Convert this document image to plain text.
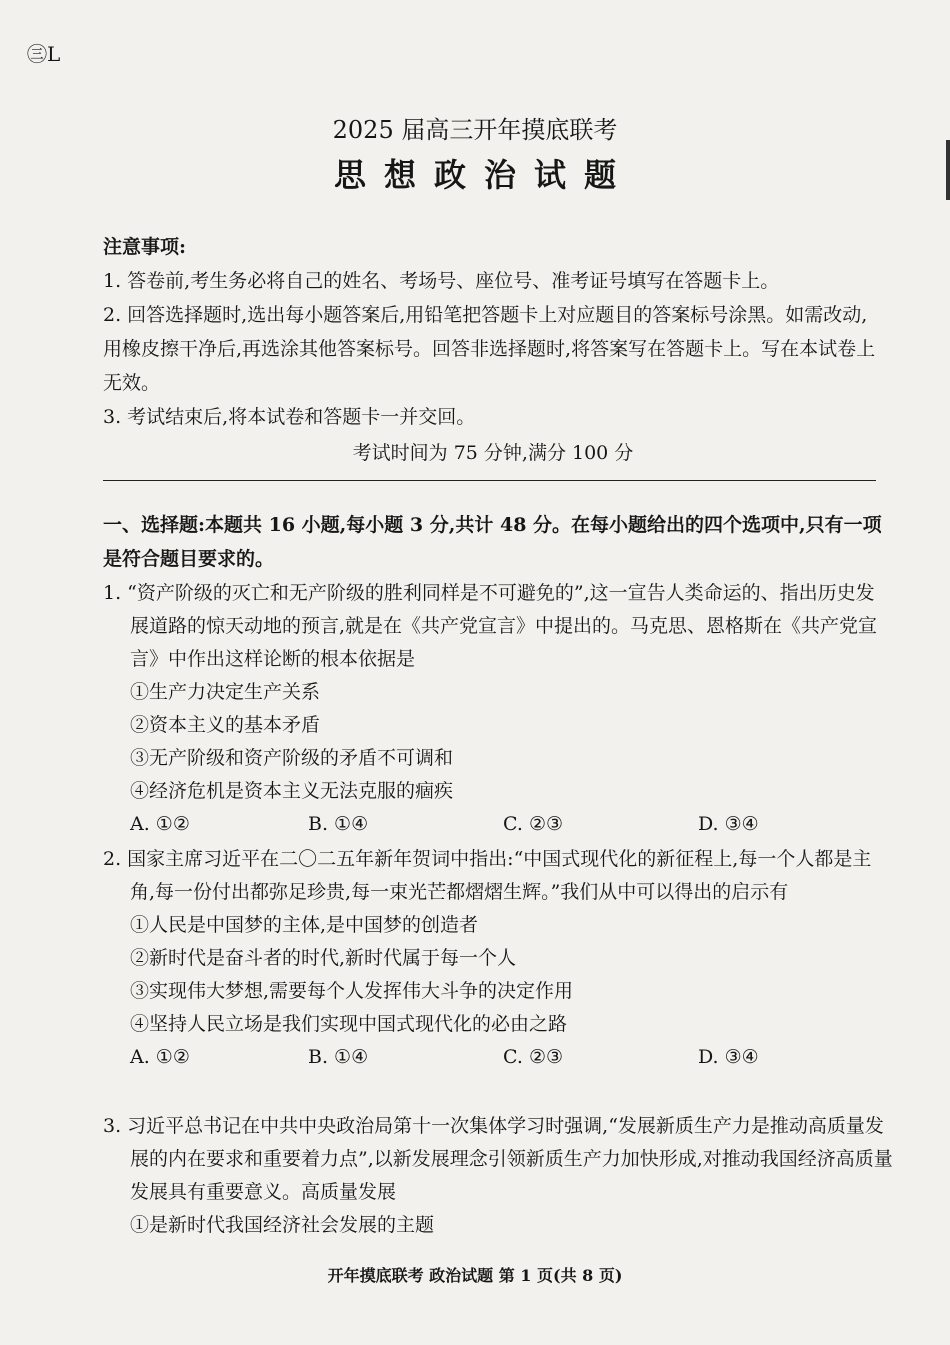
㊂L
2025 届高三开年摸底联考
思想政治试题

注意事项:

1. 答卷前,考生务必将自己的姓名、考场号、座位号、准考证号填写在答题卡上。

2. 回答选择题时,选出每小题答案后,用铅笔把答题卡上对应题目的答案标号涂黑。如需改动,用橡皮擦干净后,再选涂其他答案标号。回答非选择题时,将答案写在答题卡上。写在本试卷上无效。

3. 考试结束后,将本试卷和答题卡一并交回。

考试时间为 75 分钟,满分 100 分

一、选择题:本题共 16 小题,每小题 3 分,共计 48 分。在每小题给出的四个选项中,只有一项是符合题目要求的。

1. “资产阶级的灭亡和无产阶级的胜利同样是不可避免的”,这一宣告人类命运的、指出历史发展道路的惊天动地的预言,就是在《共产党宣言》中提出的。马克思、恩格斯在《共产党宣言》中作出这样论断的根本依据是

①生产力决定生产关系

②资本主义的基本矛盾

③无产阶级和资产阶级的矛盾不可调和

④经济危机是资本主义无法克服的痼疾

A. ①②	B. ①④	C. ②③	D. ③④

2. 国家主席习近平在二〇二五年新年贺词中指出:“中国式现代化的新征程上,每一个人都是主角,每一份付出都弥足珍贵,每一束光芒都熠熠生辉。”我们从中可以得出的启示有

①人民是中国梦的主体,是中国梦的创造者

②新时代是奋斗者的时代,新时代属于每一个人

③实现伟大梦想,需要每个人发挥伟大斗争的决定作用

④坚持人民立场是我们实现中国式现代化的必由之路

A. ①②	B. ①④	C. ②③	D. ③④

3. 习近平总书记在中共中央政治局第十一次集体学习时强调,“发展新质生产力是推动高质量发展的内在要求和重要着力点”,以新发展理念引领新质生产力加快形成,对推动我国经济高质量发展具有重要意义。高质量发展

①是新时代我国经济社会发展的主题

开年摸底联考 政治试题 第 1 页(共 8 页)
